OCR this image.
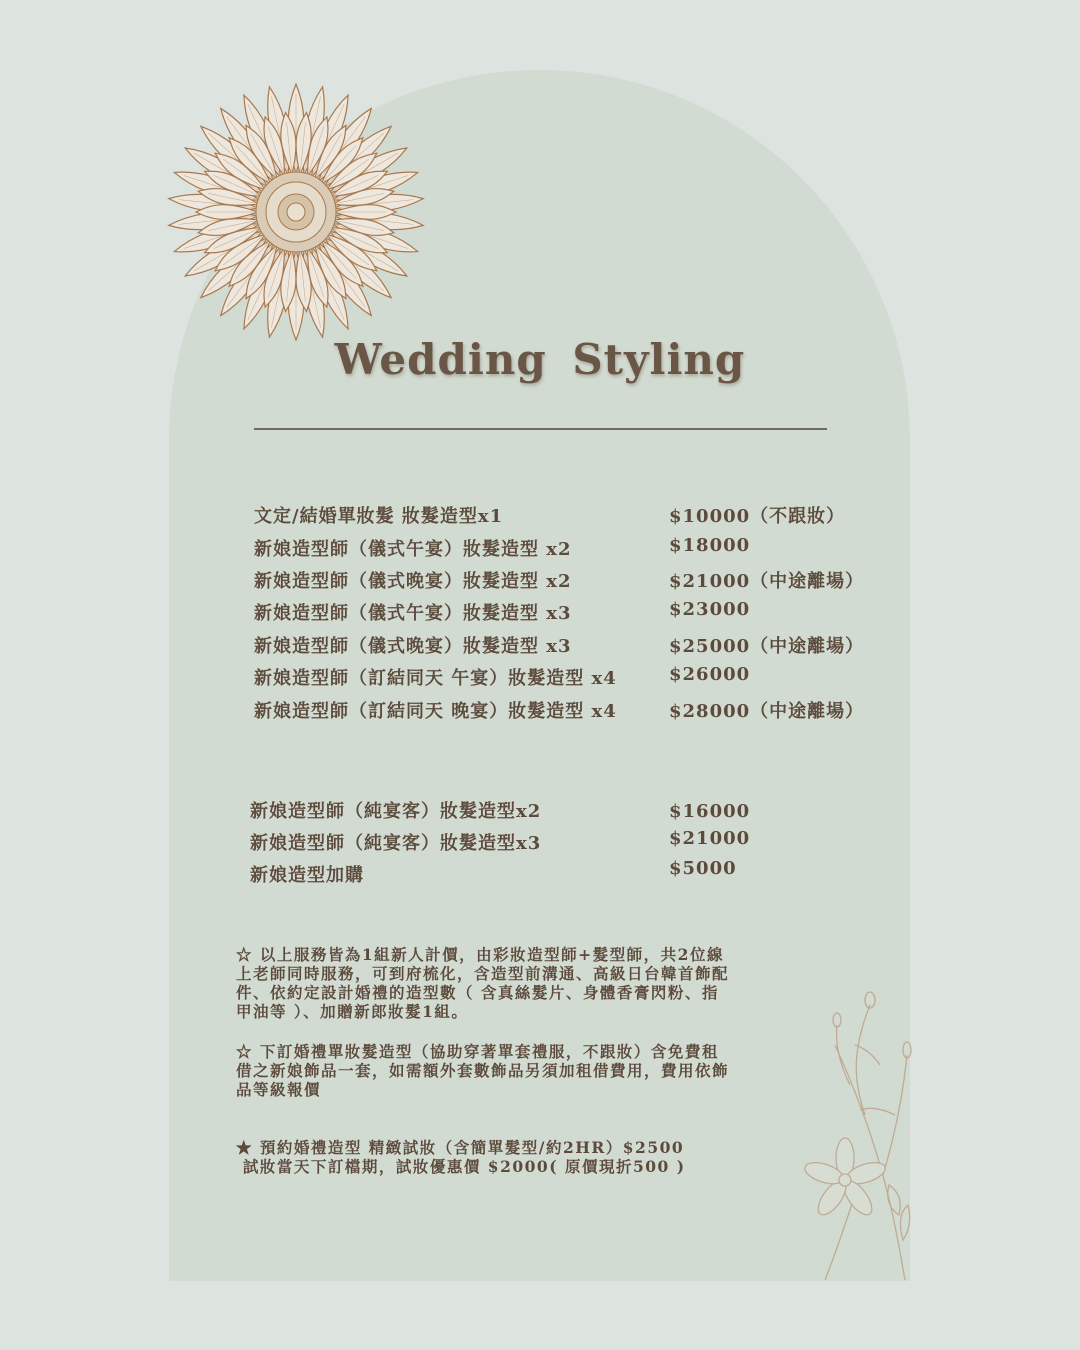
Wedding Styling
文定/結婚單妝髮 妝髮造型x1	$10000（不跟妝）
新娘造型師（儀式午宴）妝髮造型 x2	$18000
新娘造型師（儀式晚宴）妝髮造型 x2	$21000（中途離場）
新娘造型師（儀式午宴）妝髮造型 x3	$23000
新娘造型師（儀式晚宴）妝髮造型 x3	$25000（中途離場）
新娘造型師（訂結同天 午宴）妝髮造型 x4	$26000
新娘造型師（訂結同天 晚宴）妝髮造型 x4	$28000（中途離場）
新娘造型師（純宴客）妝髮造型x2	$16000
新娘造型師（純宴客）妝髮造型x3	$21000
新娘造型加購	$5000
☆ 以上服務皆為1組新人計價，由彩妝造型師+髮型師，共2位線
上老師同時服務，可到府梳化，含造型前溝通、高級日台韓首飾配
件、依約定設計婚禮的造型數（ 含真絲髮片、身體香膏閃粉、指
甲油等 ）、加贈新郎妝髮1組。
☆ 下訂婚禮單妝髮造型（協助穿著單套禮服，不跟妝）含免費租
借之新娘飾品一套，如需額外套數飾品另須加租借費用，費用依飾
品等級報價
★ 預約婚禮造型 精緻試妝（含簡單髮型/約2HR）$2500
試妝當天下訂檔期，試妝優惠價 $2000( 原價現折500 )
